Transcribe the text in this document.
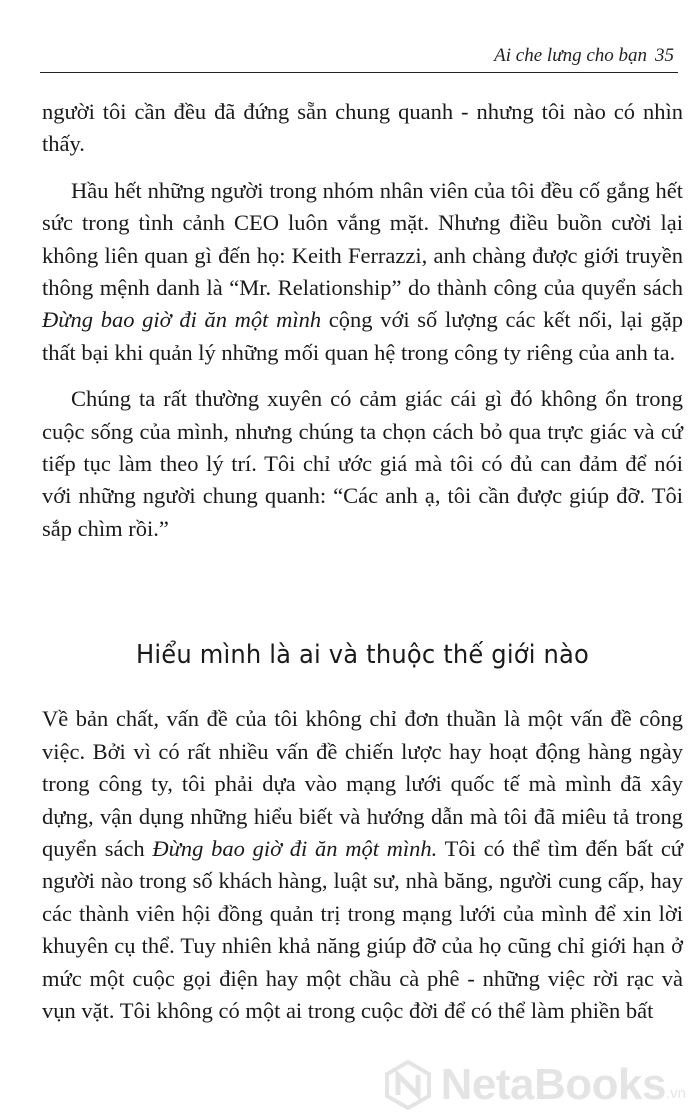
Ai che lưng cho bạn 35

người tôi cần đều đã đứng sẵn chung quanh - nhưng tôi nào có nhìn thấy.

Hầu hết những người trong nhóm nhân viên của tôi đều cố gắng hết sức trong tình cảnh CEO luôn vắng mặt. Nhưng điều buồn cười lại không liên quan gì đến họ: Keith Ferrazzi, anh chàng được giới truyền thông mệnh danh là “Mr. Relationship” do thành công của quyển sách Đừng bao giờ đi ăn một mình cộng với số lượng các kết nối, lại gặp thất bại khi quản lý những mối quan hệ trong công ty riêng của anh ta.

Chúng ta rất thường xuyên có cảm giác cái gì đó không ổn trong cuộc sống của mình, nhưng chúng ta chọn cách bỏ qua trực giác và cứ tiếp tục làm theo lý trí. Tôi chỉ ước giá mà tôi có đủ can đảm để nói với những người chung quanh: “Các anh ạ, tôi cần được giúp đỡ. Tôi sắp chìm rồi.”

Hiểu mình là ai và thuộc thế giới nào

Về bản chất, vấn đề của tôi không chỉ đơn thuần là một vấn đề công việc. Bởi vì có rất nhiều vấn đề chiến lược hay hoạt động hàng ngày trong công ty, tôi phải dựa vào mạng lưới quốc tế mà mình đã xây dựng, vận dụng những hiểu biết và hướng dẫn mà tôi đã miêu tả trong quyển sách Đừng bao giờ đi ăn một mình. Tôi có thể tìm đến bất cứ người nào trong số khách hàng, luật sư, nhà băng, người cung cấp, hay các thành viên hội đồng quản trị trong mạng lưới của mình để xin lời khuyên cụ thể. Tuy nhiên khả năng giúp đỡ của họ cũng chỉ giới hạn ở mức một cuộc gọi điện hay một chầu cà phê - những việc rời rạc và vụn vặt. Tôi không có một ai trong cuộc đời để có thể làm phiền bất

NetaBooks .vn
